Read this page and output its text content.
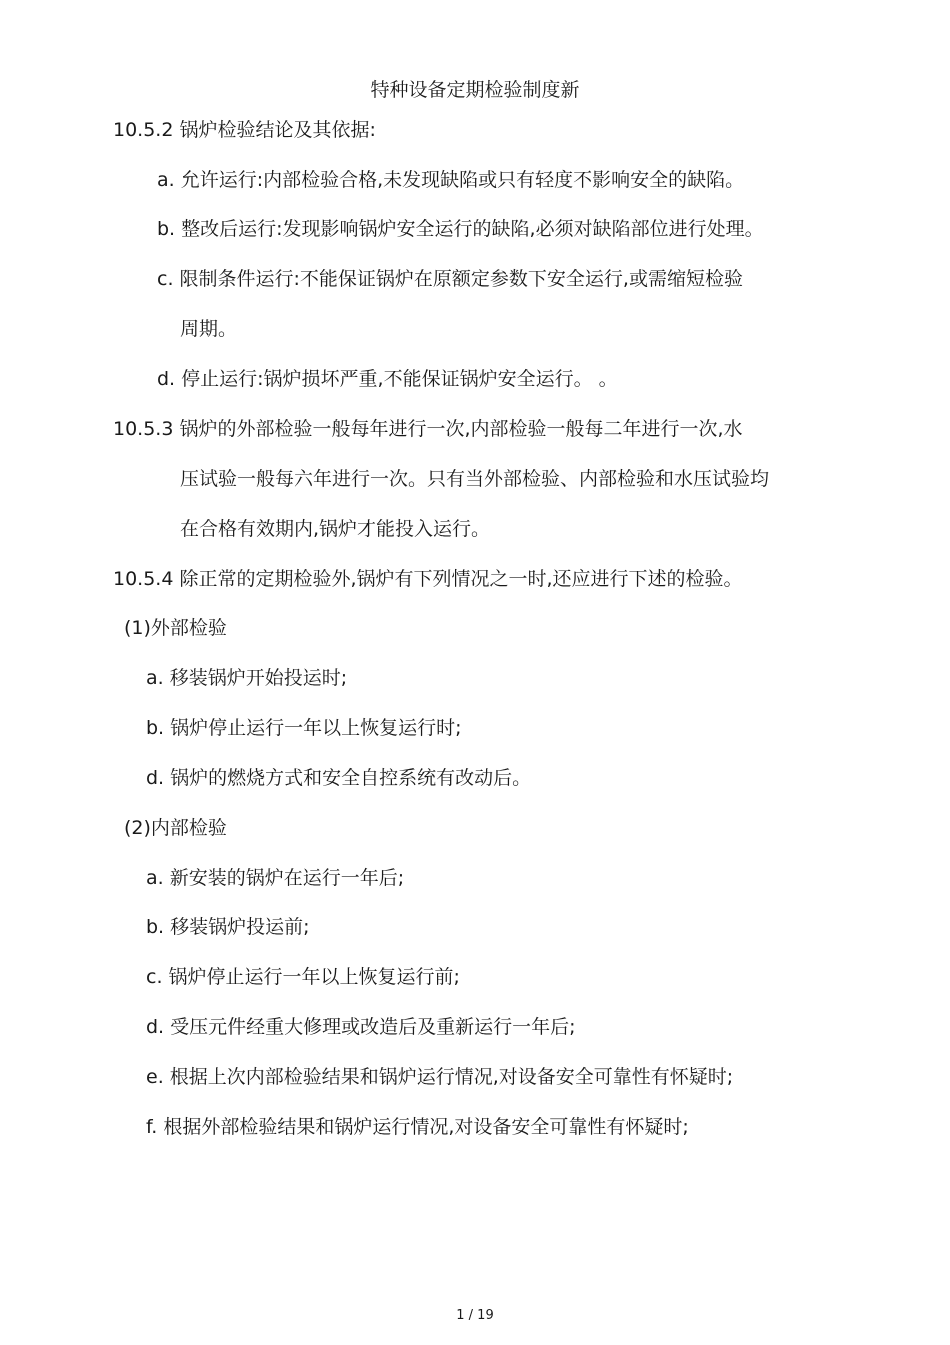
特种设备定期检验制度新
10.5.2 锅炉检验结论及其依据:
a. 允许运行:内部检验合格,未发现缺陷或只有轻度不影响安全的缺陷。
b. 整改后运行:发现影响锅炉安全运行的缺陷,必须对缺陷部位进行处理。
c. 限制条件运行:不能保证锅炉在原额定参数下安全运行,或需缩短检验
周期。
d. 停止运行:锅炉损坏严重,不能保证锅炉安全运行。 。
10.5.3 锅炉的外部检验一般每年进行一次,内部检验一般每二年进行一次,水
压试验一般每六年进行一次。只有当外部检验、内部检验和水压试验均
在合格有效期内,锅炉才能投入运行。
10.5.4 除正常的定期检验外,锅炉有下列情况之一时,还应进行下述的检验。
(1)外部检验
a. 移装锅炉开始投运时;
b. 锅炉停止运行一年以上恢复运行时;
d. 锅炉的燃烧方式和安全自控系统有改动后。
(2)内部检验
a. 新安装的锅炉在运行一年后;
b. 移装锅炉投运前;
c. 锅炉停止运行一年以上恢复运行前;
d. 受压元件经重大修理或改造后及重新运行一年后;
e. 根据上次内部检验结果和锅炉运行情况,对设备安全可靠性有怀疑时;
f. 根据外部检验结果和锅炉运行情况,对设备安全可靠性有怀疑时;
1 / 19
